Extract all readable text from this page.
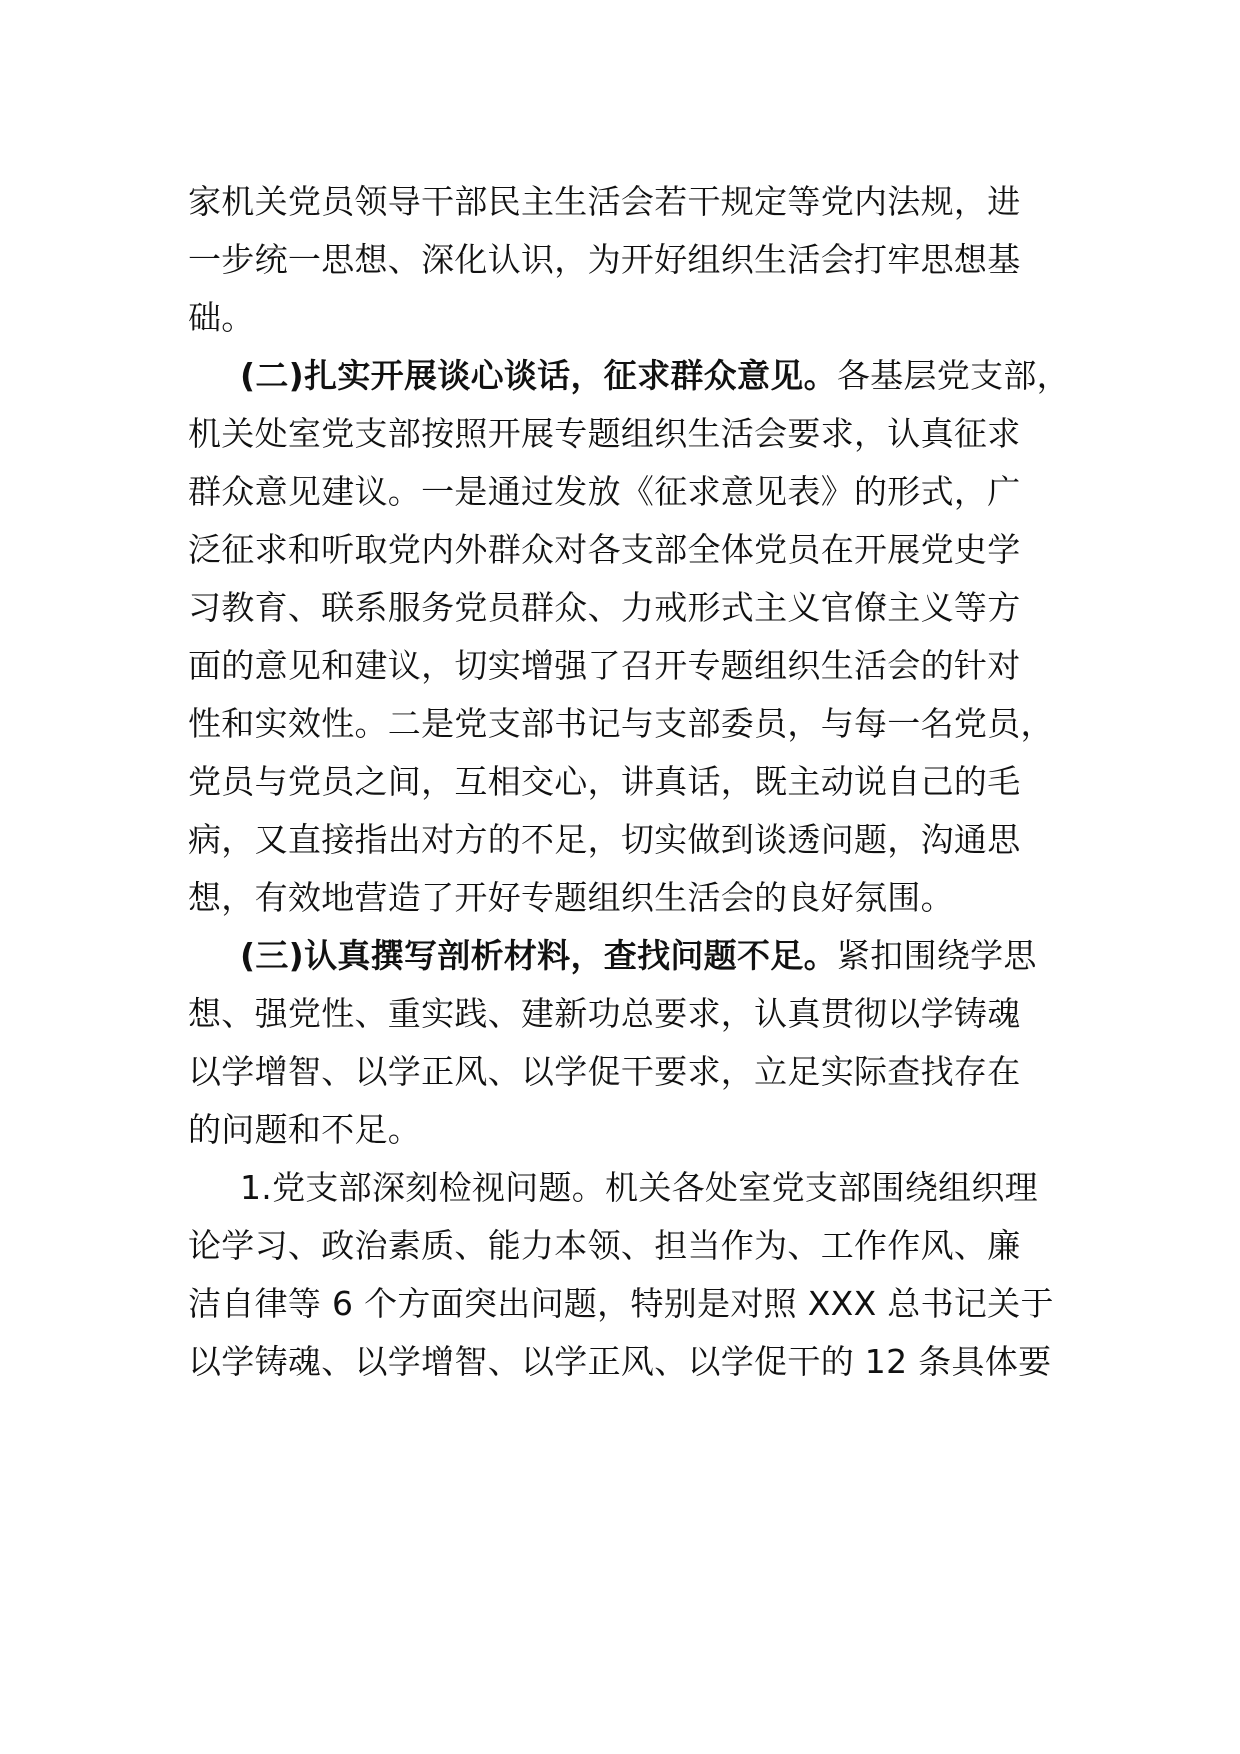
家机关党员领导干部民主生活会若干规定等党内法规，进
一步统一思想、深化认识，为开好组织生活会打牢思想基
础。
(二)扎实开展谈心谈话，征求群众意见。各基层党支部，
机关处室党支部按照开展专题组织生活会要求，认真征求
群众意见建议。一是通过发放《征求意见表》的形式，广
泛征求和听取党内外群众对各支部全体党员在开展党史学
习教育、联系服务党员群众、力戒形式主义官僚主义等方
面的意见和建议，切实增强了召开专题组织生活会的针对
性和实效性。二是党支部书记与支部委员，与每一名党员，
党员与党员之间，互相交心，讲真话，既主动说自己的毛
病，又直接指出对方的不足，切实做到谈透问题，沟通思
想，有效地营造了开好专题组织生活会的良好氛围。
(三)认真撰写剖析材料，查找问题不足。紧扣围绕学思
想、强党性、重实践、建新功总要求，认真贯彻以学铸魂
以学增智、以学正风、以学促干要求，立足实际查找存在
的问题和不足。
1.党支部深刻检视问题。机关各处室党支部围绕组织理
论学习、政治素质、能力本领、担当作为、工作作风、廉
洁自律等 6 个方面突出问题，特别是对照 XXX 总书记关于
以学铸魂、以学增智、以学正风、以学促干的 12 条具体要
